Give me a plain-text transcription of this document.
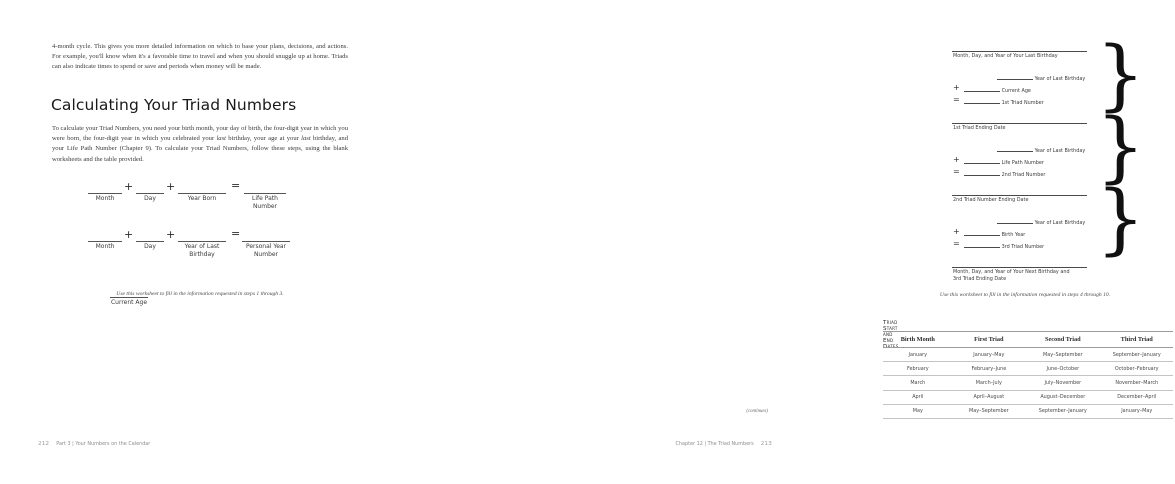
4-month cycle. This gives you more detailed information on which to base your plans, decisions, and actions. For example, you'll know when it's a favorable time to travel and when you should snuggle up at home. Triads can also indicate times to spend or save and periods when money will be made.
Calculating Your Triad Numbers
To calculate your Triad Numbers, you need your birth month, your day of birth, the four-digit year in which you were born, the four-digit year in which you celebrated your last birthday, your age at your last birthday, and your Life Path Number (Chapter 9). To calculate your Triad Numbers, follow these steps, using the blank worksheets and the table provided.
Month
+
Day
+
Year Born
=
Life Path Number
Month
+
Day
+
Year of Last Birthday
=
Personal Year Number
Current Age
Use this worksheet to fill in the information requested in steps 1 through 3.
212 Part 3 | Your Numbers on the Calendar
Month, Day, and Year of Your Last Birthday
Year of Last Birthday
+	Current Age
=	1st Triad Number
1st Triad Ending Date
Year of Last Birthday
+	Life Path Number
=	2nd Triad Number
2nd Triad Number Ending Date
Year of Last Birthday
+	Birth Year
=	3rd Triad Number
Month, Day, and Year of Your Next Birthday and
3rd Triad Ending Date
}
}
}
Use this worksheet to fill in the information requested in steps 4 through 10.
Triad Start and End Dates
Birth Month	First Triad	Second Triad	Third Triad
January	January–May	May–September	September–January
February	February–June	June–October	October–February
March	March–July	July–November	November–March
April	April–August	August–December	December–April
May	May–September	September–January	January–May
(continues)
Chapter 12 | The Triad Numbers 213
